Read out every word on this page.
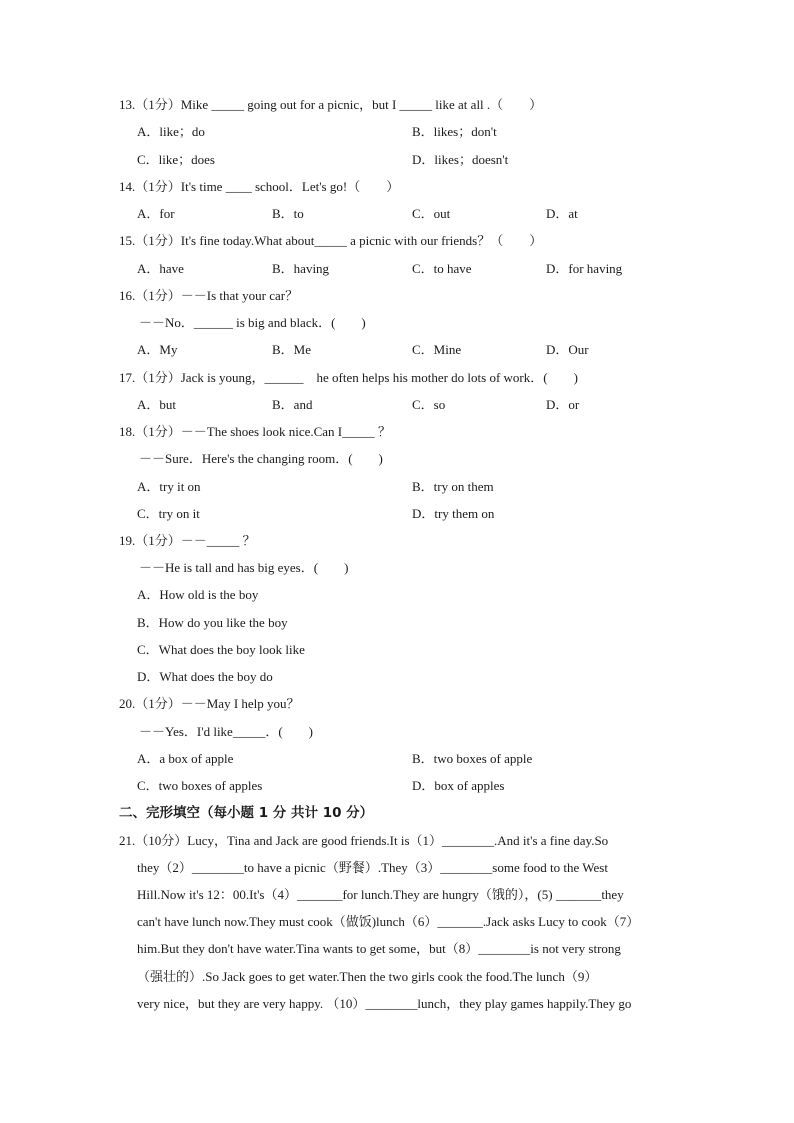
13.（1分）Mike _____ going out for a picnic，but I _____ like at all .（　　）
A．like；do	B．likes；don't
C．like；does	D．likes；doesn't
14.（1分）It's time ____ school．Let's go!（　　）
A．for	B．to	C．out	D．at
15.（1分）It's fine today.What about_____ a picnic with our friends？（　　）
A．have	B．having	C．to have	D．for having
16.（1分）－－Is that your car？
－－No．______ is big and black．(　　)
A．My	B．Me	C．Mine	D．Our
17.（1分）Jack is young，______　he often helps his mother do lots of work．(　　)
A．but	B．and	C．so	D．or
18.（1分）－－The shoes look nice.Can I_____ ？
－－Sure．Here's the changing room．(　　)
A．try it on	B．try on them
C．try on it	D．try them on
19.（1分）－－_____ ？
－－He is tall and has big eyes．(　　)
A．How old is the boy
B．How do you like the boy
C．What does the boy look like
D．What does the boy do
20.（1分）－－May I help you？
－－Yes．I'd like_____．(　　)
A．a box of apple	B．two boxes of apple
C．two boxes of apples	D．box of apples
二、完形填空（每小题 1 分 共计 10 分）
21.（10分）Lucy，Tina and Jack are good friends.It is（1）________.And it's a fine day.So
they（2）________to have a picnic（野餐）.They（3）________some food to the West
Hill.Now it's 12：00.It's（4）_______for lunch.They are hungry（饿的），(5) _______they
can't have lunch now.They must cook（做饭)lunch（6）_______.Jack asks Lucy to cook（7）
him.But they don't have water.Tina wants to get some，but（8）________is not very strong
（强壮的）.So Jack goes to get water.Then the two girls cook the food.The lunch（9）
very nice，but they are very happy. （10）________lunch，they play games happily.They go
